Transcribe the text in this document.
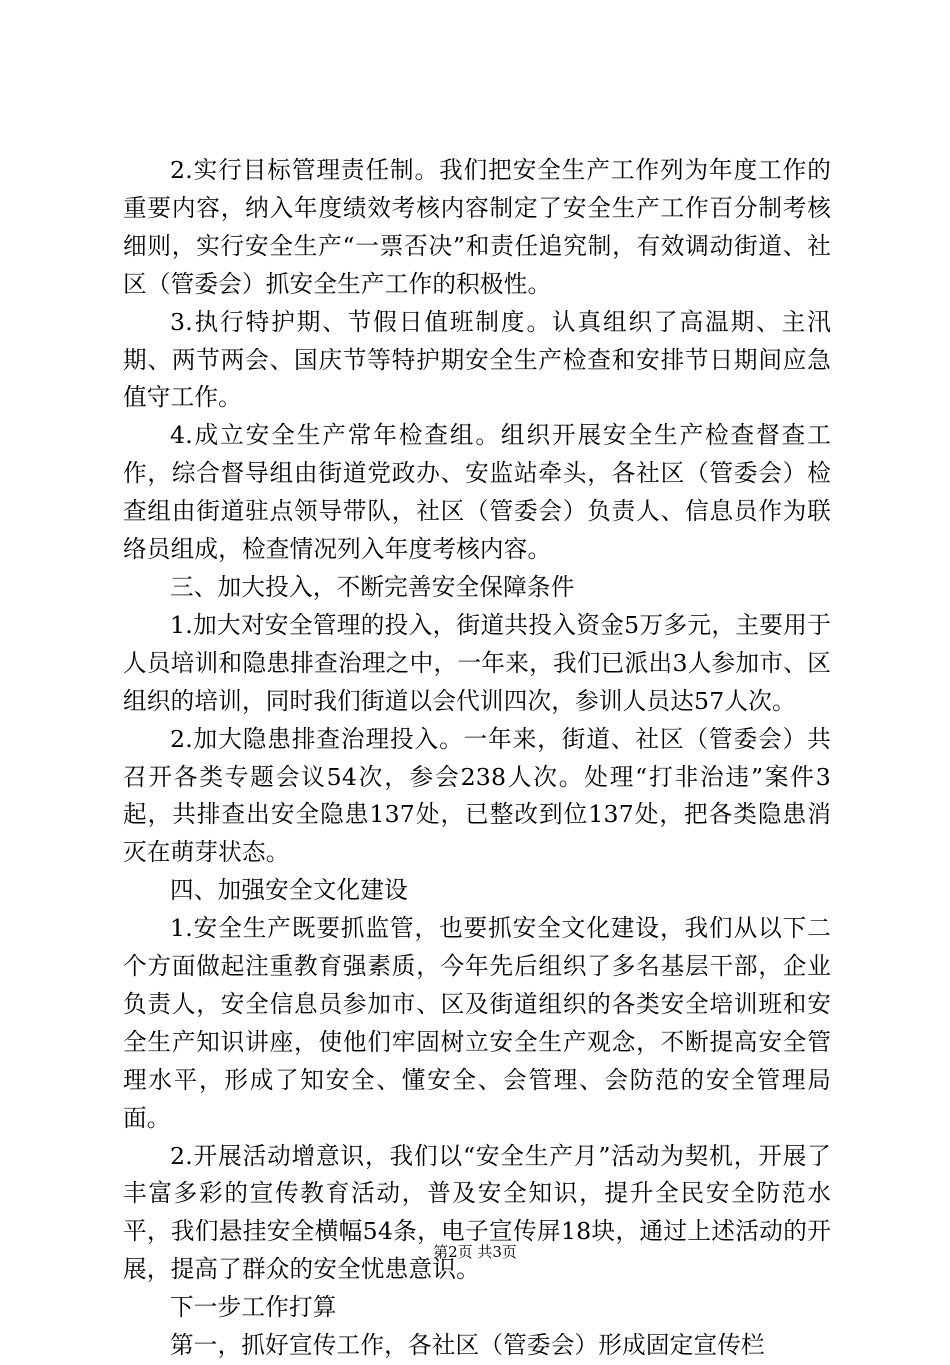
2.实行目标管理责任制。我们把安全生产工作列为年度工作的重要内容，纳入年度绩效考核内容制定了安全生产工作百分制考核细则，实行安全生产“一票否决”和责任追究制，有效调动街道、社区（管委会）抓安全生产工作的积极性。

3.执行特护期、节假日值班制度。认真组织了高温期、主汛期、两节两会、国庆节等特护期安全生产检查和安排节日期间应急值守工作。

4.成立安全生产常年检查组。组织开展安全生产检查督查工作，综合督导组由街道党政办、安监站牵头，各社区（管委会）检查组由街道驻点领导带队，社区（管委会）负责人、信息员作为联络员组成，检查情况列入年度考核内容。

三、加大投入，不断完善安全保障条件

1.加大对安全管理的投入，街道共投入资金5万多元，主要用于人员培训和隐患排查治理之中，一年来，我们已派出3人参加市、区组织的培训，同时我们街道以会代训四次，参训人员达57人次。

2.加大隐患排查治理投入。一年来，街道、社区（管委会）共召开各类专题会议54次，参会238人次。处理“打非治违”案件3起，共排查出安全隐患137处，已整改到位137处，把各类隐患消灭在萌芽状态。

四、加强安全文化建设

1.安全生产既要抓监管，也要抓安全文化建设，我们从以下二个方面做起注重教育强素质，今年先后组织了多名基层干部，企业负责人，安全信息员参加市、区及街道组织的各类安全培训班和安全生产知识讲座，使他们牢固树立安全生产观念，不断提高安全管理水平，形成了知安全、懂安全、会管理、会防范的安全管理局面。

2.开展活动增意识，我们以“安全生产月”活动为契机，开展了丰富多彩的宣传教育活动，普及安全知识，提升全民安全防范水平，我们悬挂安全横幅54条，电子宣传屏18块，通过上述活动的开展，提高了群众的安全忧患意识。

下一步工作打算

第一，抓好宣传工作，各社区（管委会）形成固定宣传栏

第2页 共3页
